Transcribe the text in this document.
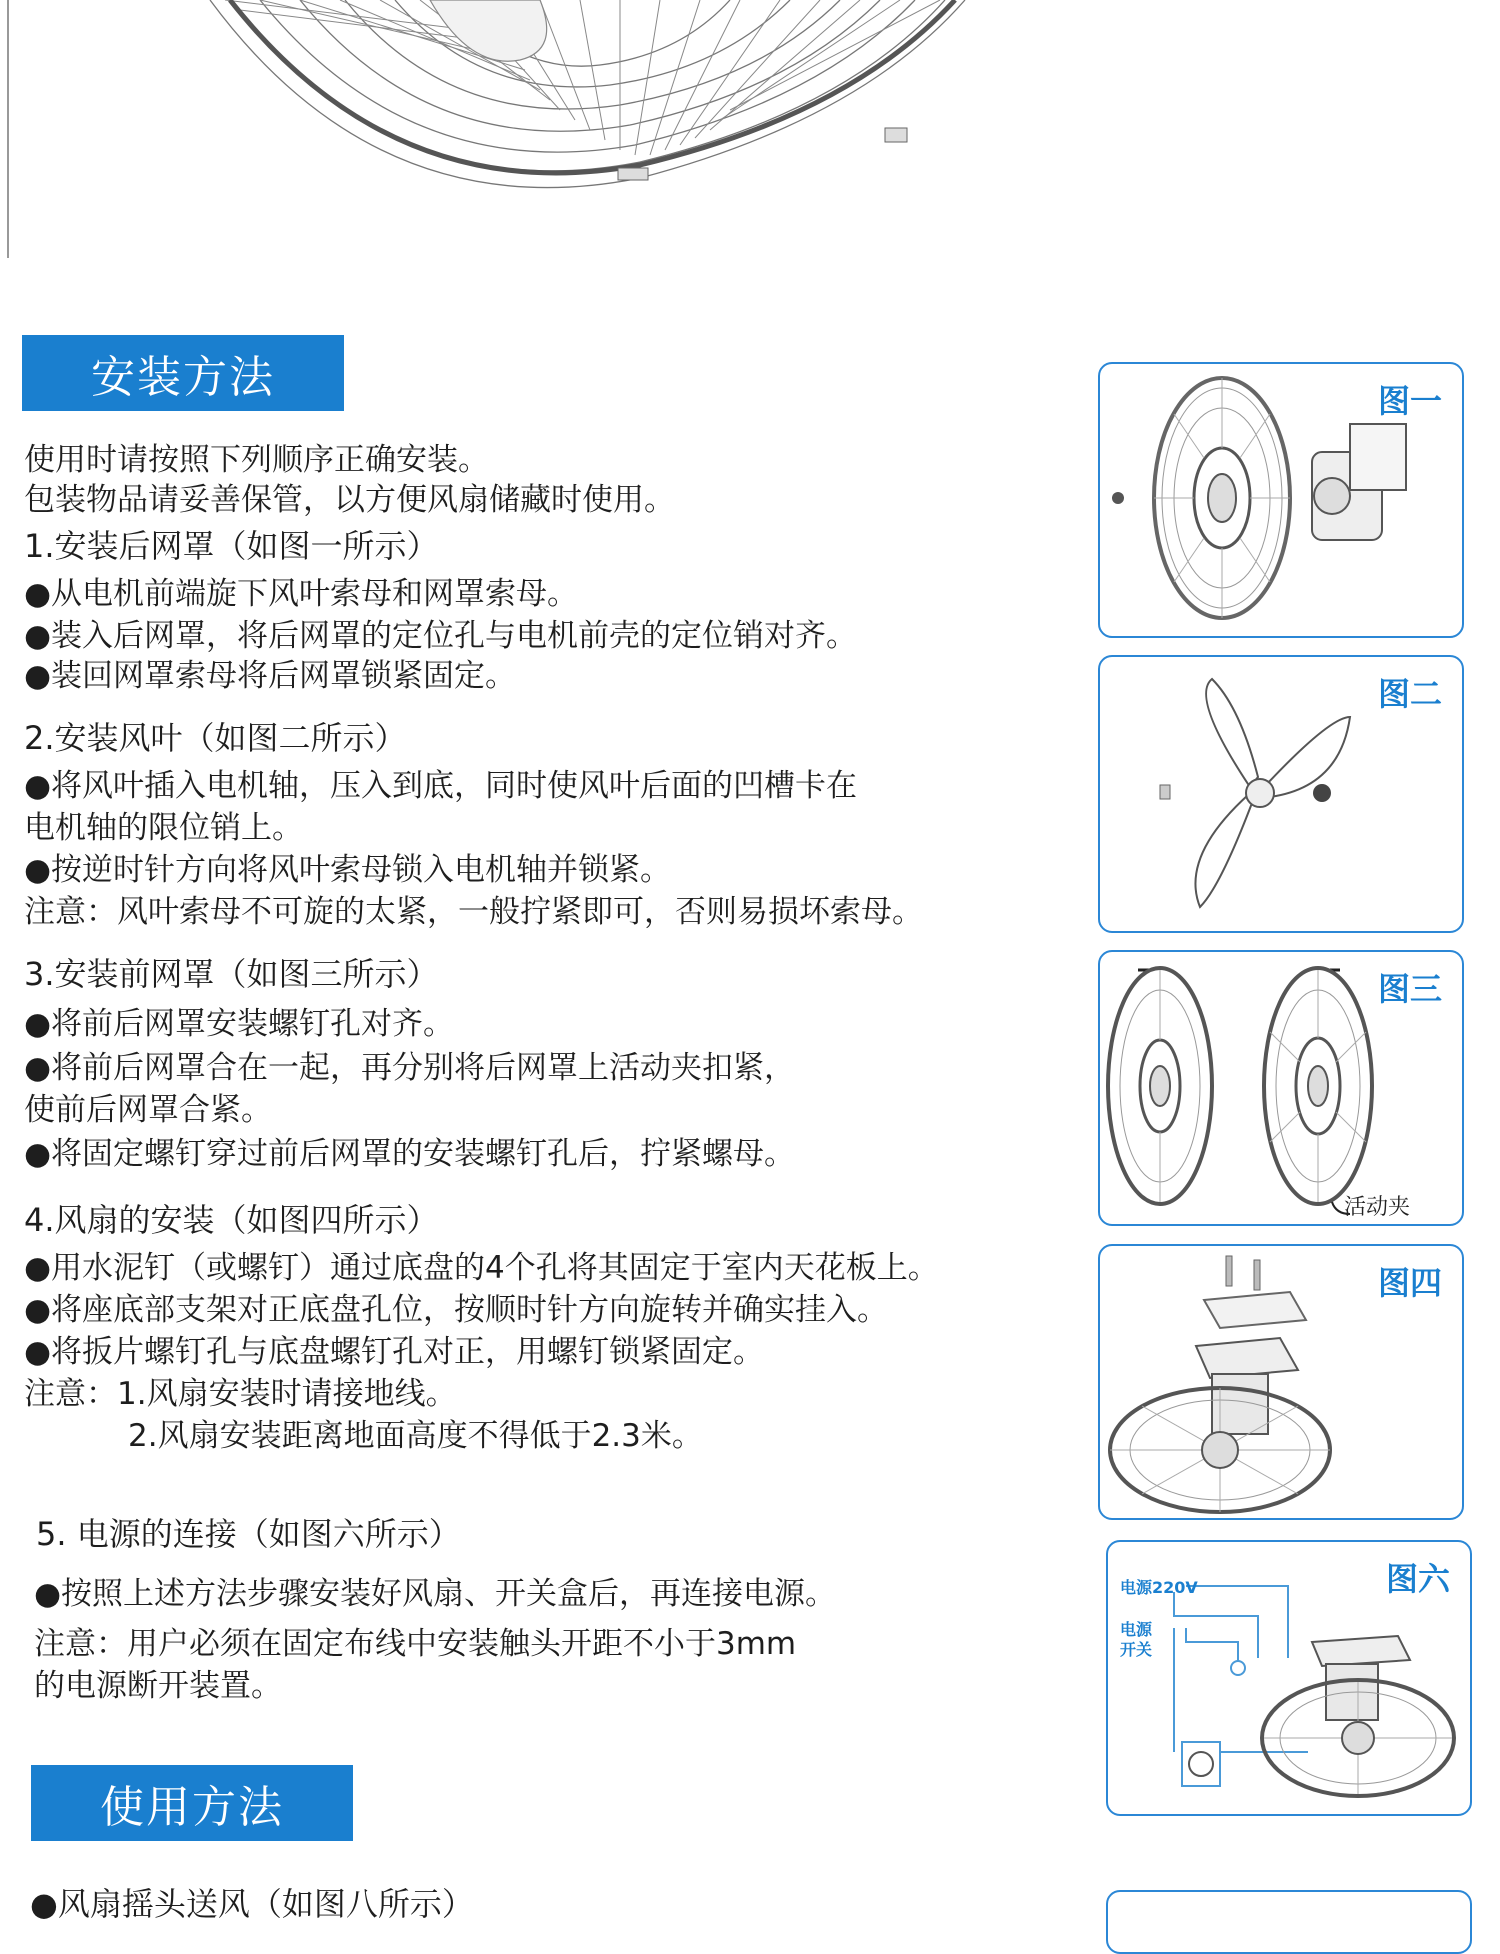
安装方法
使用时请按照下列顺序正确安装。
包装物品请妥善保管，以方便风扇储藏时使用。
1.安装后网罩（如图一所示）
●从电机前端旋下风叶索母和网罩索母。
●装入后网罩，将后网罩的定位孔与电机前壳的定位销对齐。
●装回网罩索母将后网罩锁紧固定。
2.安装风叶（如图二所示）
●将风叶插入电机轴，压入到底，同时使风叶后面的凹槽卡在
电机轴的限位销上。
●按逆时针方向将风叶索母锁入电机轴并锁紧。
注意：风叶索母不可旋的太紧，一般拧紧即可，否则易损坏索母。
3.安装前网罩（如图三所示）
●将前后网罩安装螺钉孔对齐。
●将前后网罩合在一起，再分别将后网罩上活动夹扣紧，
使前后网罩合紧。
●将固定螺钉穿过前后网罩的安装螺钉孔后，拧紧螺母。
4.风扇的安装（如图四所示）
●用水泥钉（或螺钉）通过底盘的4个孔将其固定于室内天花板上。
●将座底部支架对正底盘孔位，按顺时针方向旋转并确实挂入。
●将扳片螺钉孔与底盘螺钉孔对正，用螺钉锁紧固定。
注意：1.风扇安装时请接地线。
2.风扇安装距离地面高度不得低于2.3米。
5. 电源的连接（如图六所示）
●按照上述方法步骤安装好风扇、开关盒后，再连接电源。
注意：用户必须在固定布线中安装触头开距不小于3mm
的电源断开装置。
使用方法
●风扇摇头送风（如图八所示）
图一
图二
图三
活动夹
图四
图六
电源220V
电源
开关
